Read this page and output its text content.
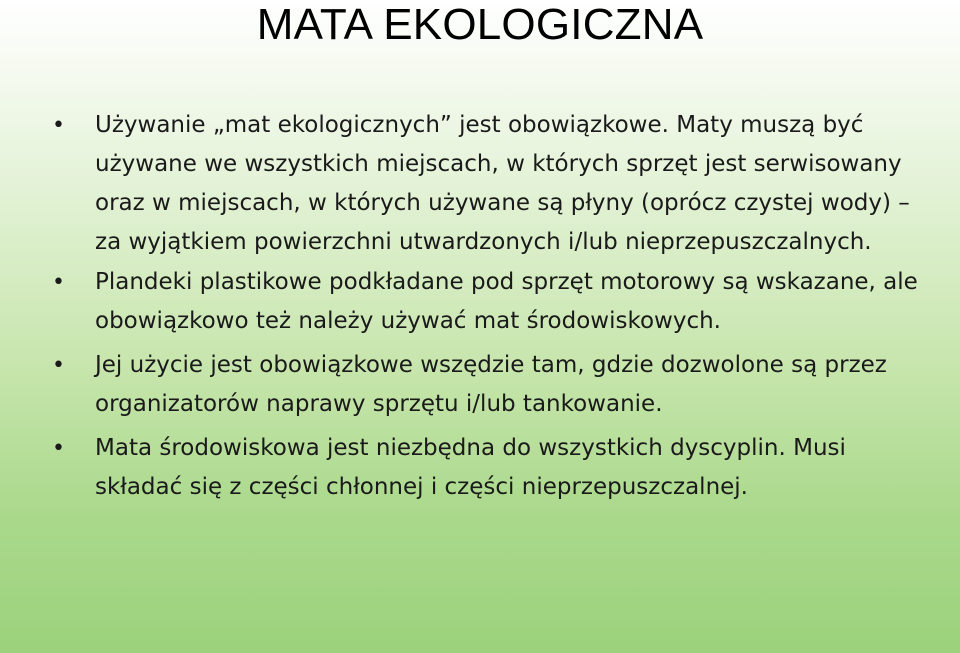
MATA EKOLOGICZNA
•	Używanie „mat ekologicznych” jest obowiązkowe. Maty muszą być używane we wszystkich miejscach, w których sprzęt jest serwisowany oraz w miejscach, w których używane są płyny (oprócz czystej wody) – za wyjątkiem powierzchni utwardzonych i/lub nieprzepuszczalnych.
•	Plandeki plastikowe podkładane pod sprzęt motorowy są wskazane, ale obowiązkowo też należy używać mat środowiskowych.
•	Jej użycie jest obowiązkowe wszędzie tam, gdzie dozwolone są przez organizatorów naprawy sprzętu i/lub tankowanie.
•	Mata środowiskowa jest niezbędna do wszystkich dyscyplin. Musi składać się z części chłonnej i części nieprzepuszczalnej.
